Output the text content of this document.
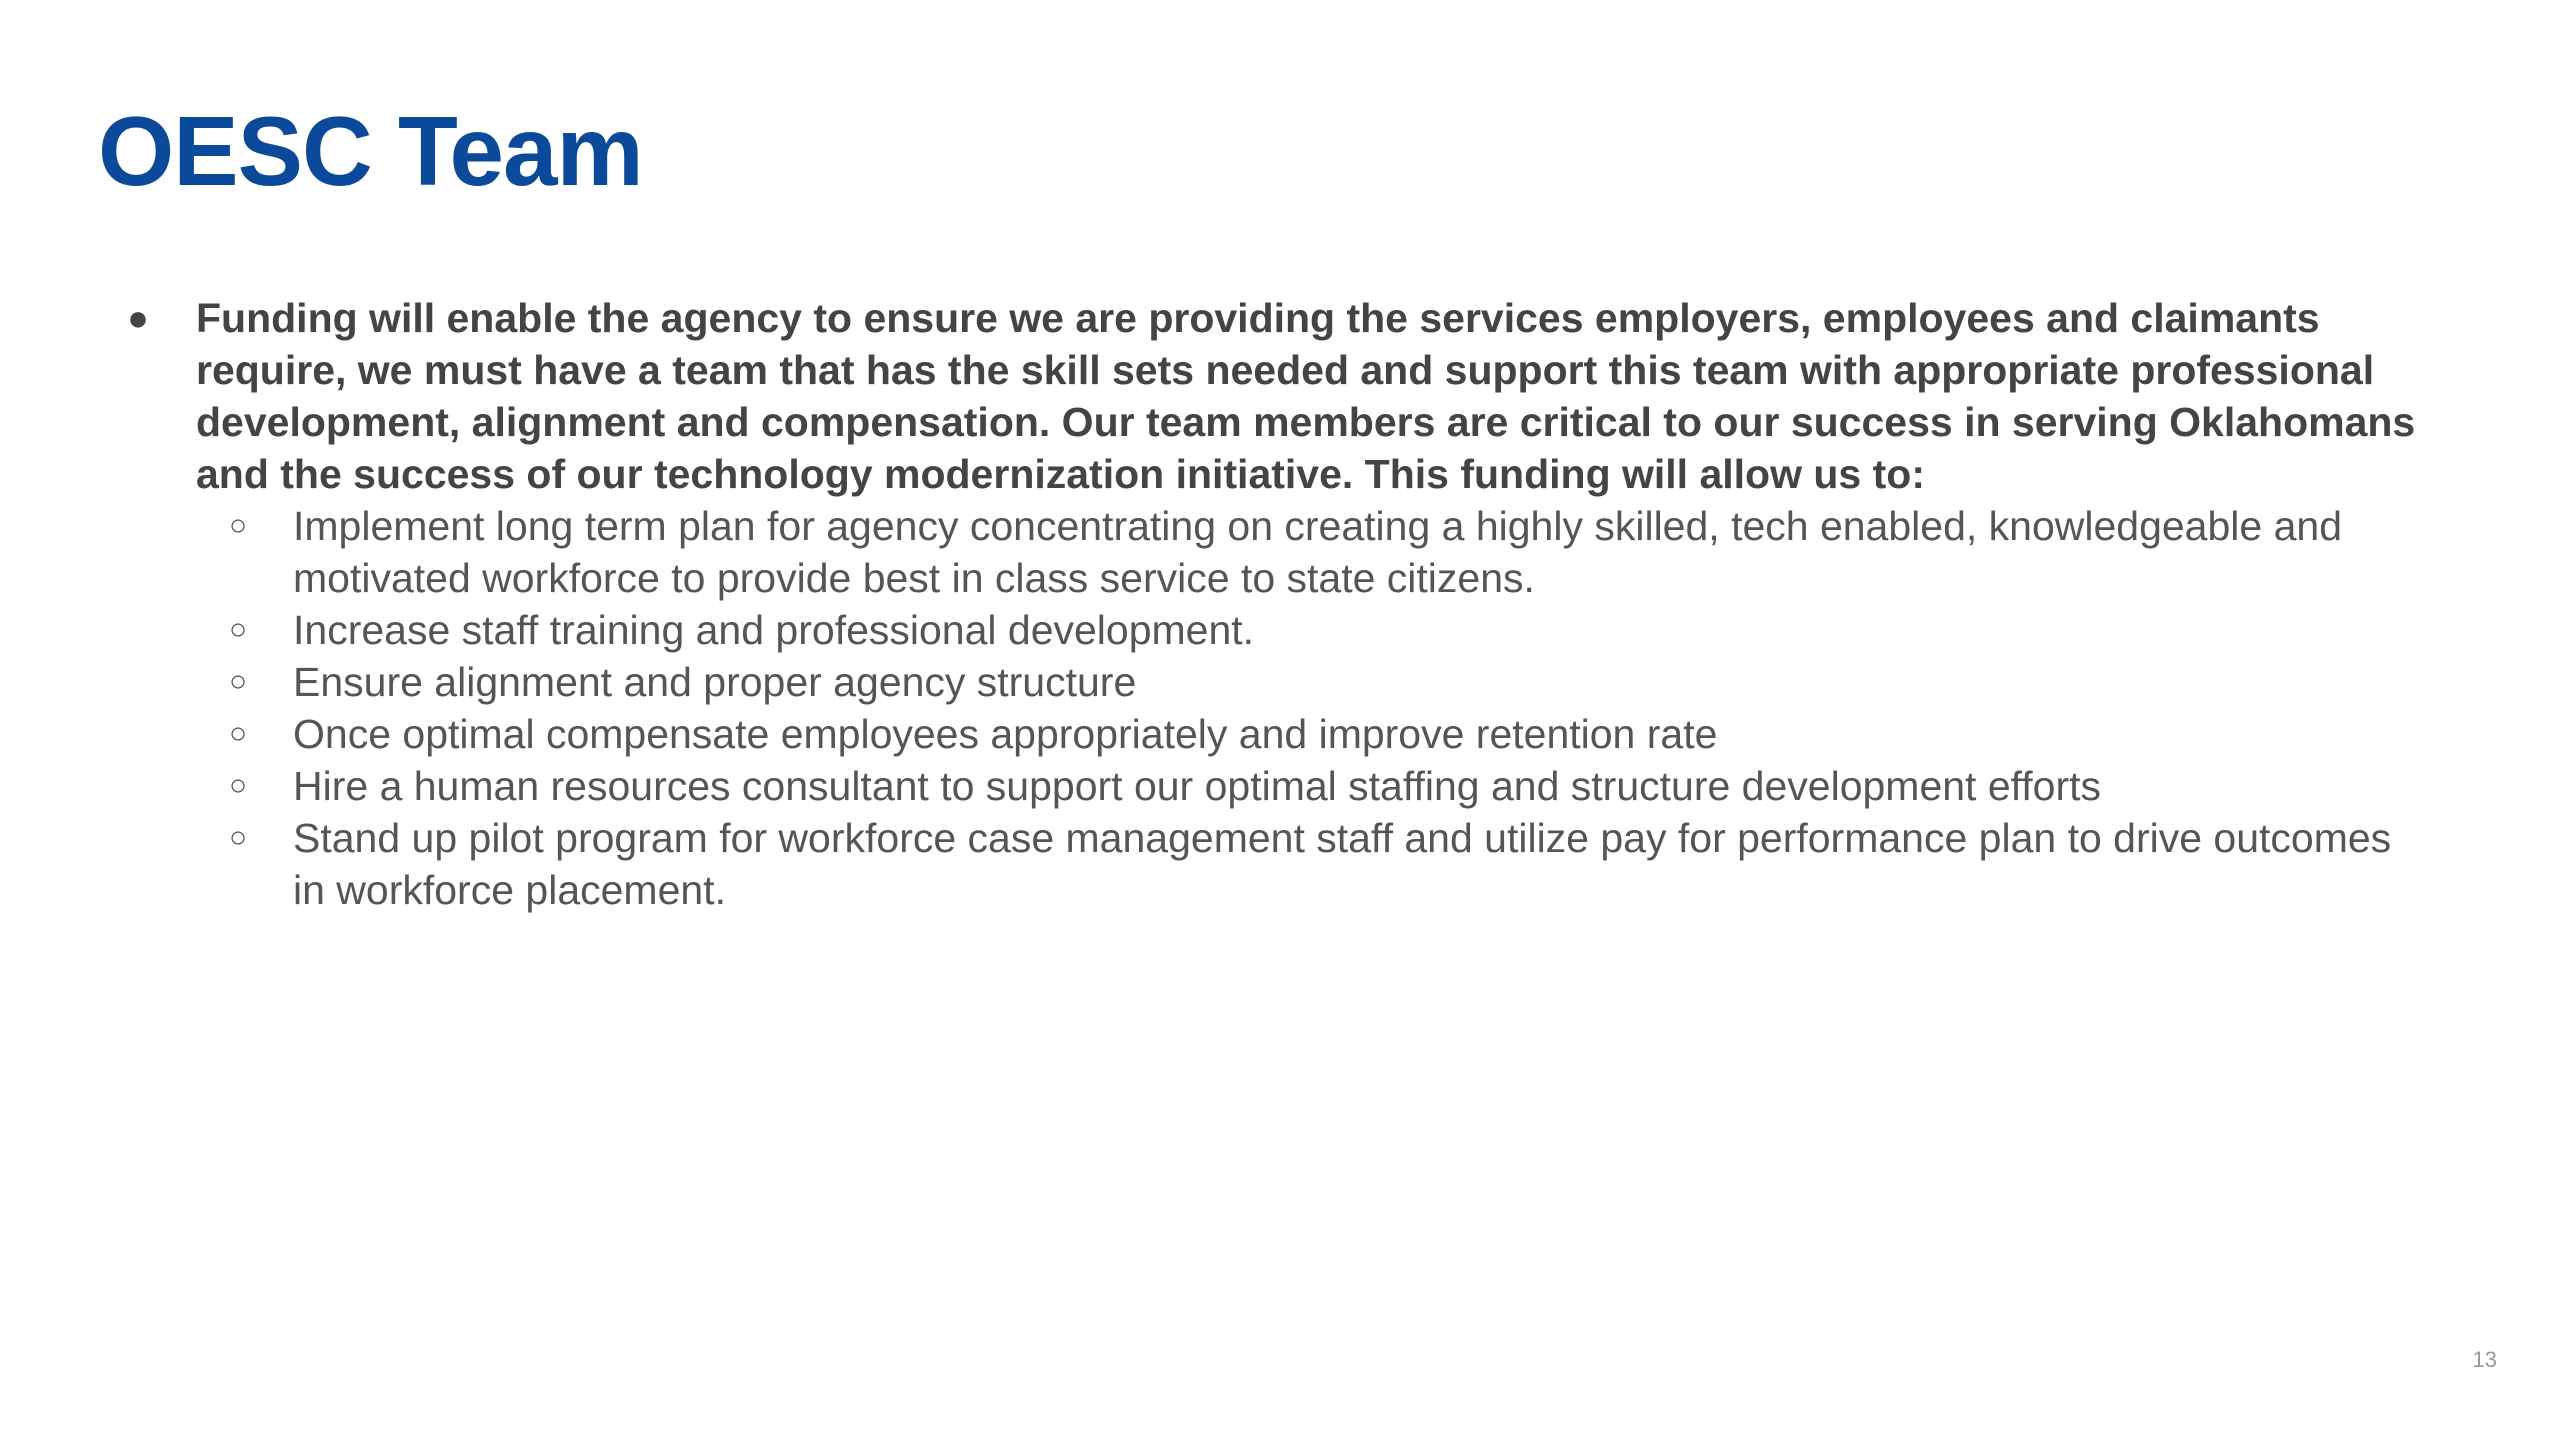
OESC Team
● Funding will enable the agency to ensure we are providing the services employers, employees and claimants require, we must have a team that has the skill sets needed and support this team with appropriate professional development, alignment and compensation. Our team members are critical to our success in serving Oklahomans and the success of our technology modernization initiative. This funding will allow us to:
○ Implement long term plan for agency concentrating on creating a highly skilled, tech enabled, knowledgeable and motivated workforce to provide best in class service to state citizens.
○ Increase staff training and professional development.
○ Ensure alignment and proper agency structure
○ Once optimal compensate employees appropriately and improve retention rate
○ Hire a human resources consultant to support our optimal staffing and structure development efforts
○ Stand up pilot program for workforce case management staff and utilize pay for performance plan to drive outcomes in workforce placement.
13
